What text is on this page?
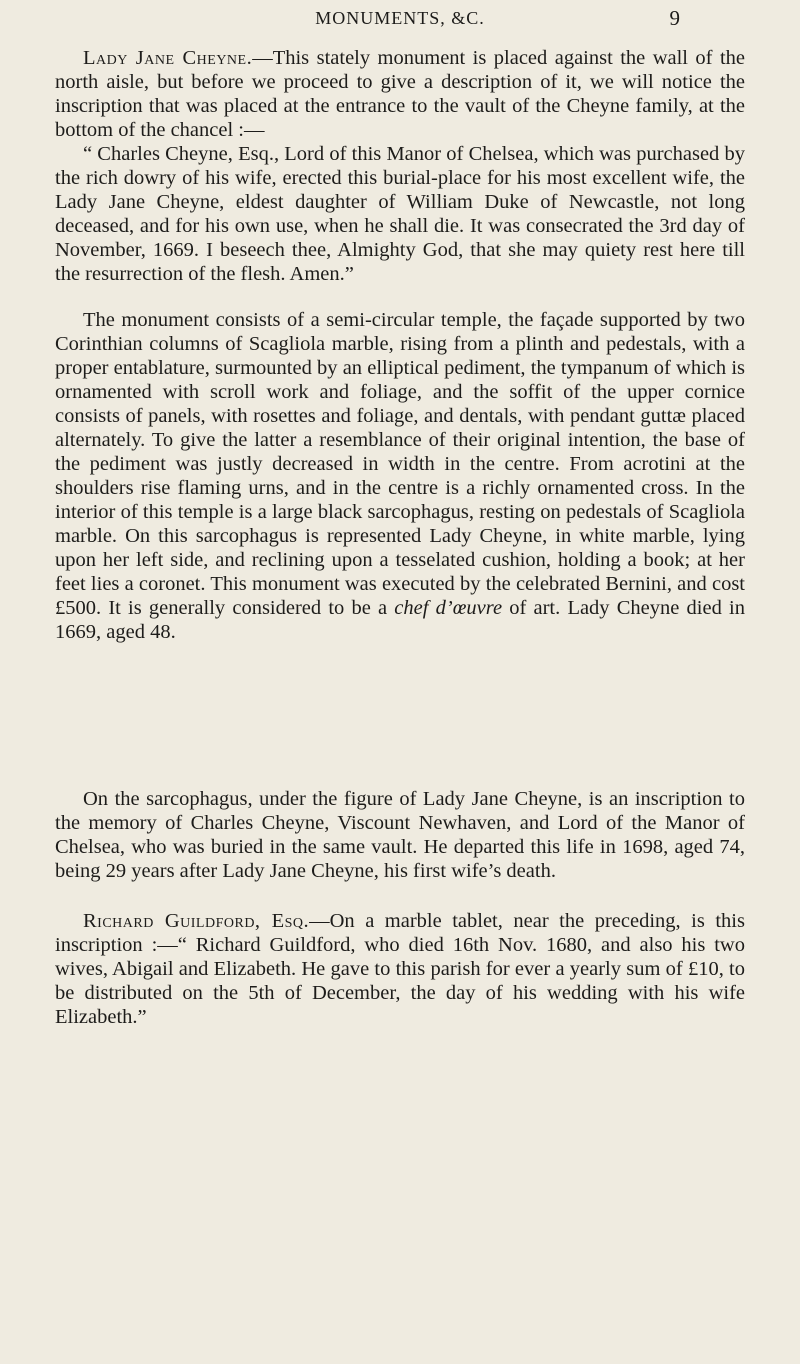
MONUMENTS, &C.	9

Lady Jane Cheyne.—This stately monument is placed against the wall of the north aisle, but before we proceed to give a description of it, we will notice the inscription that was placed at the entrance to the vault of the Cheyne family, at the bottom of the chancel :—

“ Charles Cheyne, Esq., Lord of this Manor of Chelsea, which was purchased by the rich dowry of his wife, erected this burial-place for his most excellent wife, the Lady Jane Cheyne, eldest daughter of William Duke of Newcastle, not long deceased, and for his own use, when he shall die. It was consecrated the 3rd day of November, 1669. I beseech thee, Almighty God, that she may quiety rest here till the resurrection of the flesh. Amen.”

The monument consists of a semi-circular temple, the façade supported by two Corinthian columns of Scagliola marble, rising from a plinth and pedestals, with a proper entablature, surmounted by an elliptical pediment, the tympanum of which is ornamented with scroll work and foliage, and the soffit of the upper cornice consists of panels, with rosettes and foliage, and dentals, with pendant guttæ placed alternately. To give the latter a resemblance of their original intention, the base of the pediment was justly decreased in width in the centre. From acrotini at the shoulders rise flaming urns, and in the centre is a richly ornamented cross. In the interior of this temple is a large black sarcophagus, resting on pedestals of Scagliola marble. On this sarcophagus is represented Lady Cheyne, in white marble, lying upon her left side, and reclining upon a tesselated cushion, holding a book; at her feet lies a coronet. This monument was executed by the celebrated Bernini, and cost £500. It is generally considered to be a chef d’œuvre of art. Lady Cheyne died in 1669, aged 48.

On the sarcophagus, under the figure of Lady Jane Cheyne, is an inscription to the memory of Charles Cheyne, Viscount Newhaven, and Lord of the Manor of Chelsea, who was buried in the same vault. He departed this life in 1698, aged 74, being 29 years after Lady Jane Cheyne, his first wife’s death.

Richard Guildford, Esq.—On a marble tablet, near the preceding, is this inscription :—“ Richard Guildford, who died 16th Nov. 1680, and also his two wives, Abigail and Elizabeth. He gave to this parish for ever a yearly sum of £10, to be distributed on the 5th of December, the day of his wedding with his wife Elizabeth.”
